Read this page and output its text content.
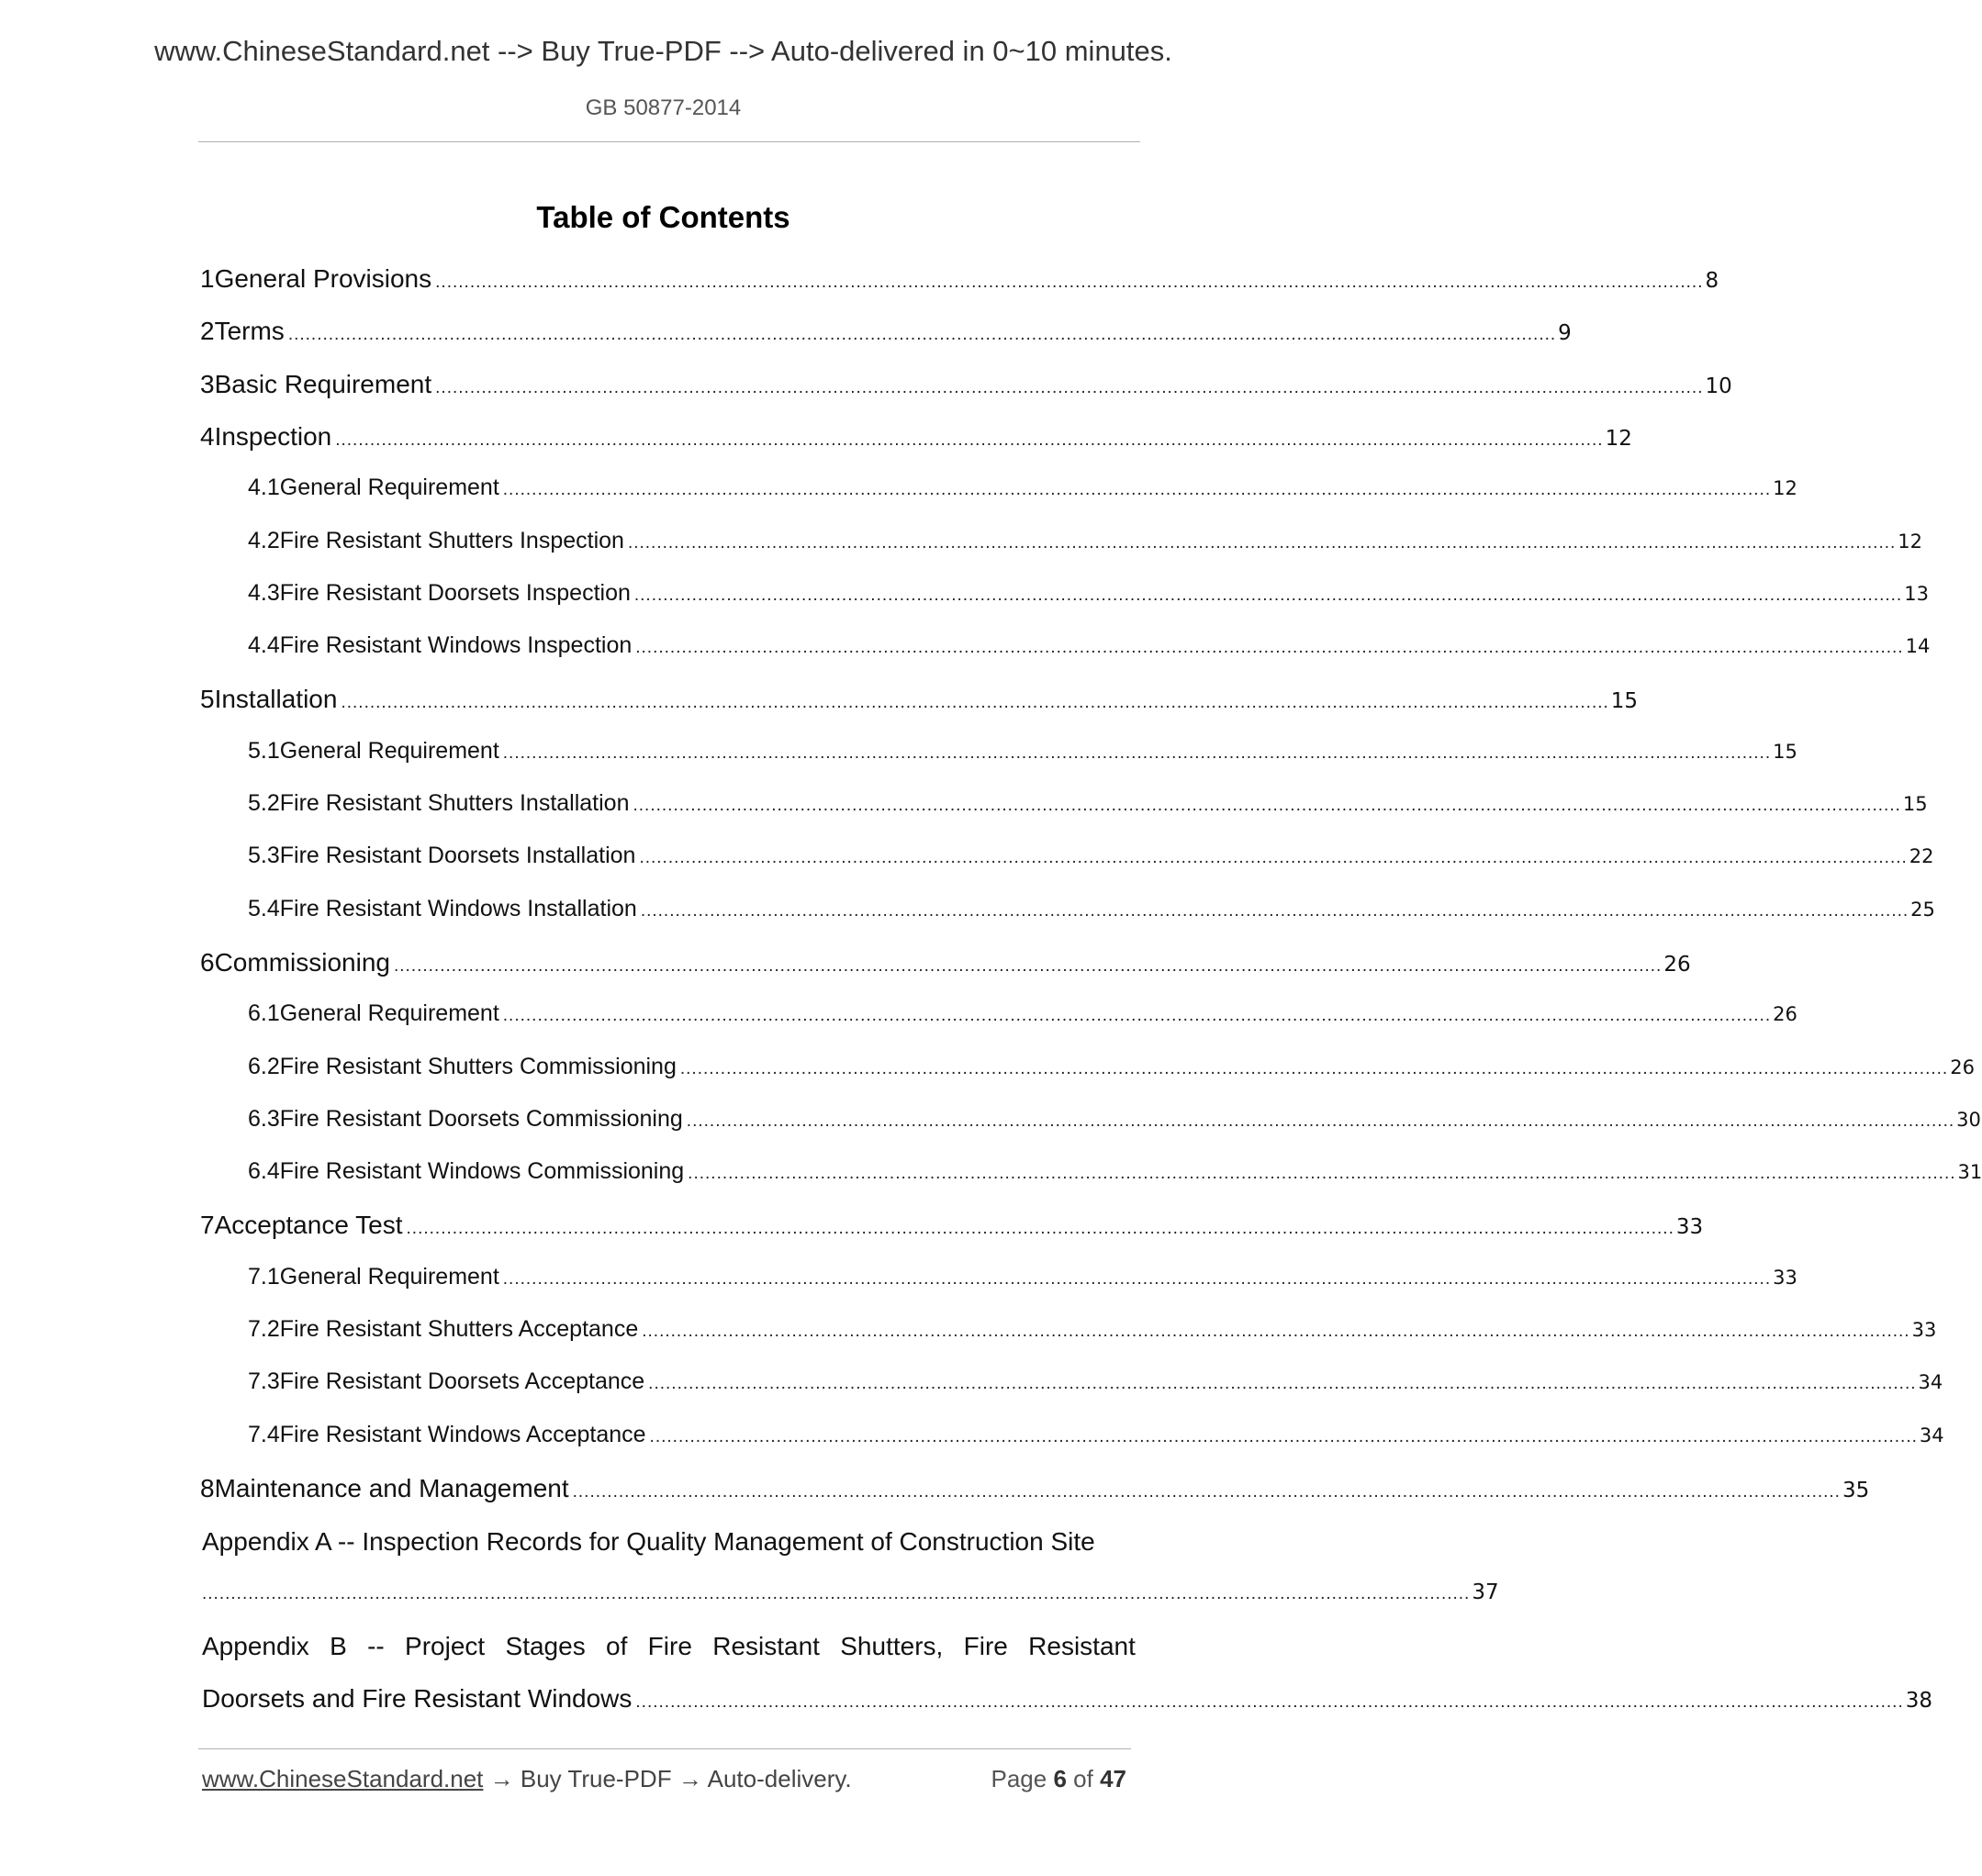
www.ChineseStandard.net --> Buy True-PDF --> Auto-delivered in 0~10 minutes.
GB 50877-2014
Table of Contents
1 General Provisions ............................................................................................................................................................................................................................ 8
2 Terms ............................................................................................................................................................................................................................ 9
3 Basic Requirement ............................................................................................................................................................................................................................ 10
4 Inspection ............................................................................................................................................................................................................................ 12
4.1 General Requirement ............................................................................................................................................................................................................................ 12
4.2 Fire Resistant Shutters Inspection ............................................................................................................................................................................................................................ 12
4.3 Fire Resistant Doorsets Inspection ............................................................................................................................................................................................................................ 13
4.4 Fire Resistant Windows Inspection ............................................................................................................................................................................................................................ 14
5 Installation ............................................................................................................................................................................................................................ 15
5.1 General Requirement ............................................................................................................................................................................................................................ 15
5.2 Fire Resistant Shutters Installation ............................................................................................................................................................................................................................ 15
5.3 Fire Resistant Doorsets Installation ............................................................................................................................................................................................................................ 22
5.4 Fire Resistant Windows Installation ............................................................................................................................................................................................................................ 25
6 Commissioning ............................................................................................................................................................................................................................ 26
6.1 General Requirement ............................................................................................................................................................................................................................ 26
6.2 Fire Resistant Shutters Commissioning ............................................................................................................................................................................................................................ 26
6.3 Fire Resistant Doorsets Commissioning ............................................................................................................................................................................................................................ 30
6.4 Fire Resistant Windows Commissioning ............................................................................................................................................................................................................................ 31
7 Acceptance Test ............................................................................................................................................................................................................................ 33
7.1 General Requirement ............................................................................................................................................................................................................................ 33
7.2 Fire Resistant Shutters Acceptance ............................................................................................................................................................................................................................ 33
7.3 Fire Resistant Doorsets Acceptance ............................................................................................................................................................................................................................ 34
7.4 Fire Resistant Windows Acceptance ............................................................................................................................................................................................................................ 34
8 Maintenance and Management ............................................................................................................................................................................................................................ 35
Appendix A -- Inspection Records for Quality Management of Construction Site
............................................................................................................................................................................................................................ 37
Appendix B -- Project Stages of Fire Resistant Shutters, Fire Resistant
Doorsets and Fire Resistant Windows ............................................................................................................................................................................................................................ 38
www.ChineseStandard.net → Buy True-PDF → Auto-delivery.	Page 6 of 47
